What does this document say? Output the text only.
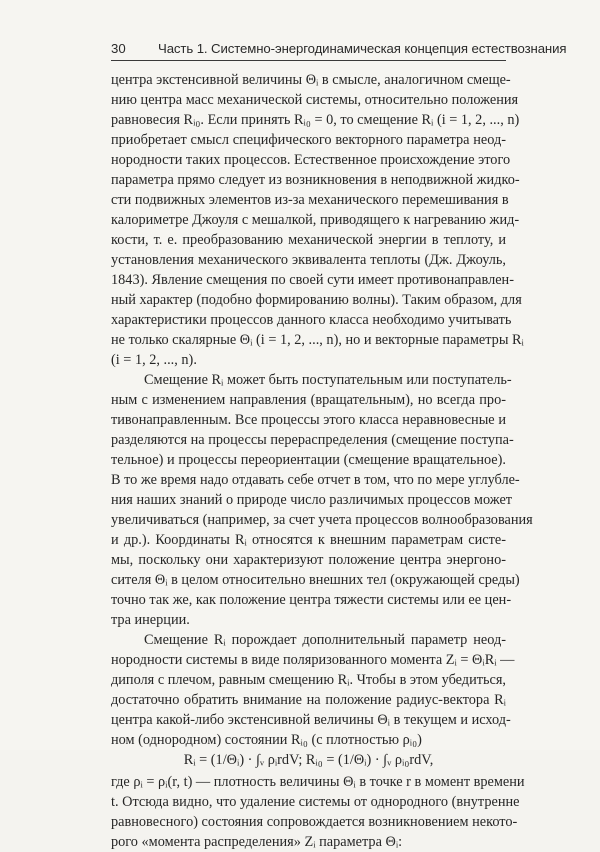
30 Часть 1. Системно-энергодинамическая концепция естествознания
центра экстенсивной величины Θᵢ в смысле, аналогичном смеще-
нию центра масс механической системы, относительно положения
равновесия Rᵢ₀. Если принять Rᵢ₀ = 0, то смещение Rᵢ (i = 1, 2, ..., n)
приобретает смысл специфического векторного параметра неод-
нородности таких процессов. Естественное происхождение этого
параметра прямо следует из возникновения в неподвижной жидко-
сти подвижных элементов из-за механического перемешивания в
калориметре Джоуля с мешалкой, приводящего к нагреванию жид-
кости, т. е. преобразованию механической энергии в теплоту, и
установления механического эквивалента теплоты (Дж. Джоуль,
1843). Явление смещения по своей сути имеет противонаправлен-
ный характер (подобно формированию волны). Таким образом, для
характеристики процессов данного класса необходимо учитывать
не только скалярные Θᵢ (i = 1, 2, ..., n), но и векторные параметры Rᵢ
(i = 1, 2, ..., n).
Смещение Rᵢ может быть поступательным или поступатель-
ным с изменением направления (вращательным), но всегда про-
тивонаправленным. Все процессы этого класса неравновесные и
разделяются на процессы перераспределения (смещение поступа-
тельное) и процессы переориентации (смещение вращательное).
В то же время надо отдавать себе отчет в том, что по мере углубле-
ния наших знаний о природе число различимых процессов может
увеличиваться (например, за счет учета процессов волнообразования
и др.). Координаты Rᵢ относятся к внешним параметрам систе-
мы, поскольку они характеризуют положение центра энергоно-
сителя Θᵢ в целом относительно внешних тел (окружающей среды)
точно так же, как положение центра тяжести системы или ее цен-
тра инерции.
Смещение Rᵢ порождает дополнительный параметр неод-
нородности системы в виде поляризованного момента Zᵢ = ΘᵢRᵢ —
диполя с плечом, равным смещению Rᵢ. Чтобы в этом убедиться,
достаточно обратить внимание на положение радиус-вектора Rᵢ
центра какой-либо экстенсивной величины Θᵢ в текущем и исход-
ном (однородном) состоянии Rᵢ₀ (с плотностью ρᵢ₀)
Rᵢ = (1/Θᵢ) · ∫ᵥ ρᵢrdV; Rᵢ₀ = (1/Θᵢ) · ∫ᵥ ρᵢ₀rdV,
где ρᵢ = ρᵢ(r, t) — плотность величины Θᵢ в точке r в момент времени
t. Отсюда видно, что удаление системы от однородного (внутренне
равновесного) состояния сопровождается возникновением некото-
рого «момента распределения» Zᵢ параметра Θᵢ:
